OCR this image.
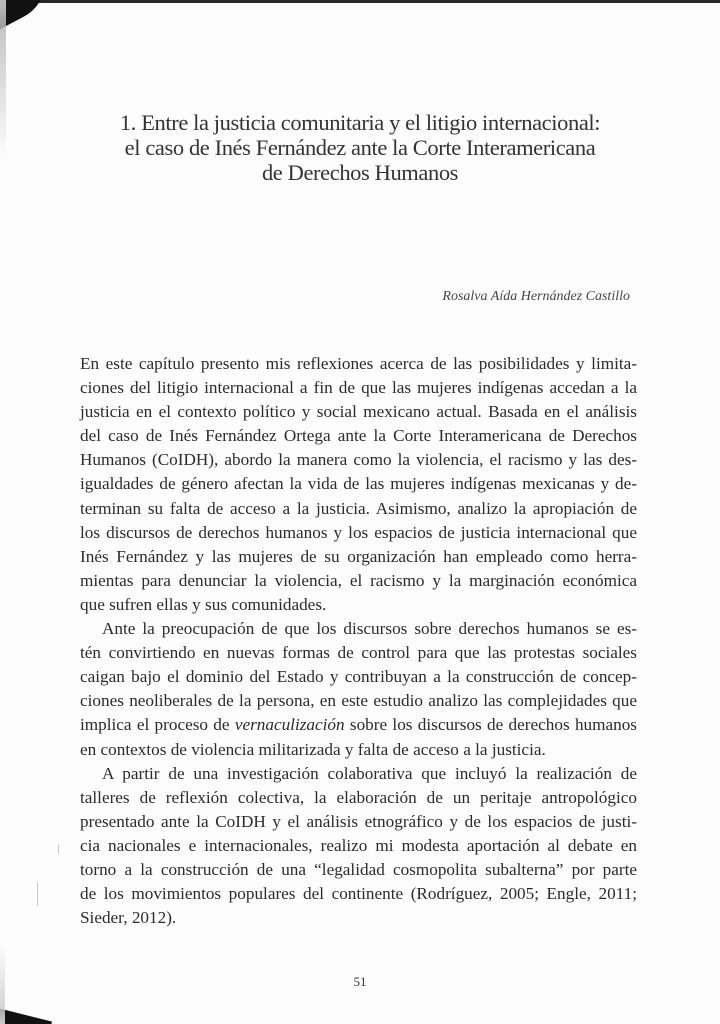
1. Entre la justicia comunitaria y el litigio internacional:
el caso de Inés Fernández ante la Corte Interamericana
de Derechos Humanos
Rosalva Aída Hernández Castillo
En este capítulo presento mis reflexiones acerca de las posibilidades y limita-
ciones del litigio internacional a fin de que las mujeres indígenas accedan a la
justicia en el contexto político y social mexicano actual. Basada en el análisis
del caso de Inés Fernández Ortega ante la Corte Interamericana de Derechos
Humanos (CoIDH), abordo la manera como la violencia, el racismo y las des-
igualdades de género afectan la vida de las mujeres indígenas mexicanas y de-
terminan su falta de acceso a la justicia. Asimismo, analizo la apropiación de
los discursos de derechos humanos y los espacios de justicia internacional que
Inés Fernández y las mujeres de su organización han empleado como herra-
mientas para denunciar la violencia, el racismo y la marginación económica
que sufren ellas y sus comunidades.
Ante la preocupación de que los discursos sobre derechos humanos se es-
tén convirtiendo en nuevas formas de control para que las protestas sociales
caigan bajo el dominio del Estado y contribuyan a la construcción de concep-
ciones neoliberales de la persona, en este estudio analizo las complejidades que
implica el proceso de vernaculización sobre los discursos de derechos humanos
en contextos de violencia militarizada y falta de acceso a la justicia.
A partir de una investigación colaborativa que incluyó la realización de
talleres de reflexión colectiva, la elaboración de un peritaje antropológico
presentado ante la CoIDH y el análisis etnográfico y de los espacios de justi-
cia nacionales e internacionales, realizo mi modesta aportación al debate en
torno a la construcción de una “legalidad cosmopolita subalterna” por parte
de los movimientos populares del continente (Rodríguez, 2005; Engle, 2011;
Sieder, 2012).
51
